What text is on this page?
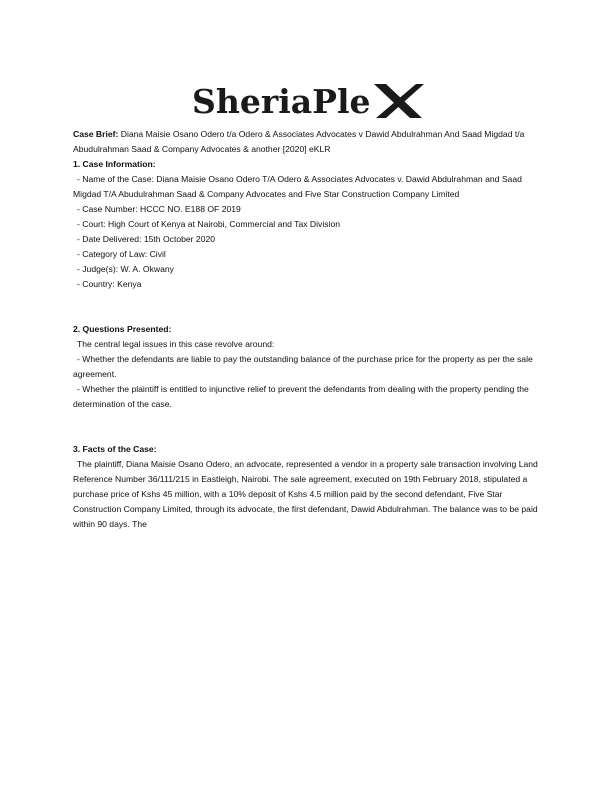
SheriaPle

Case Brief: Diana Maisie Osano Odero t/a Odero & Associates Advocates v Dawid Abdulrahman And Saad Migdad t/a Abudulrahman Saad & Company Advocates & another [2020] eKLR

1. Case Information:

- Name of the Case: Diana Maisie Osano Odero T/A Odero & Associates Advocates v. Dawid Abdulrahman and Saad Migdad T/A Abudulrahman Saad & Company Advocates and Five Star Construction Company Limited

- Case Number: HCCC NO. E188 OF 2019

- Court: High Court of Kenya at Nairobi, Commercial and Tax Division

- Date Delivered: 15th October 2020

- Category of Law: Civil

- Judge(s): W. A. Okwany

- Country: Kenya

2. Questions Presented:

The central legal issues in this case revolve around:

- Whether the defendants are liable to pay the outstanding balance of the purchase price for the property as per the sale agreement.

- Whether the plaintiff is entitled to injunctive relief to prevent the defendants from dealing with the property pending the determination of the case.

3. Facts of the Case:

The plaintiff, Diana Maisie Osano Odero, an advocate, represented a vendor in a property sale transaction involving Land Reference Number 36/111/215 in Eastleigh, Nairobi. The sale agreement, executed on 19th February 2018, stipulated a purchase price of Kshs 45 million, with a 10% deposit of Kshs 4.5 million paid by the second defendant, Five Star Construction Company Limited, through its advocate, the first defendant, Dawid Abdulrahman. The balance was to be paid within 90 days. The
